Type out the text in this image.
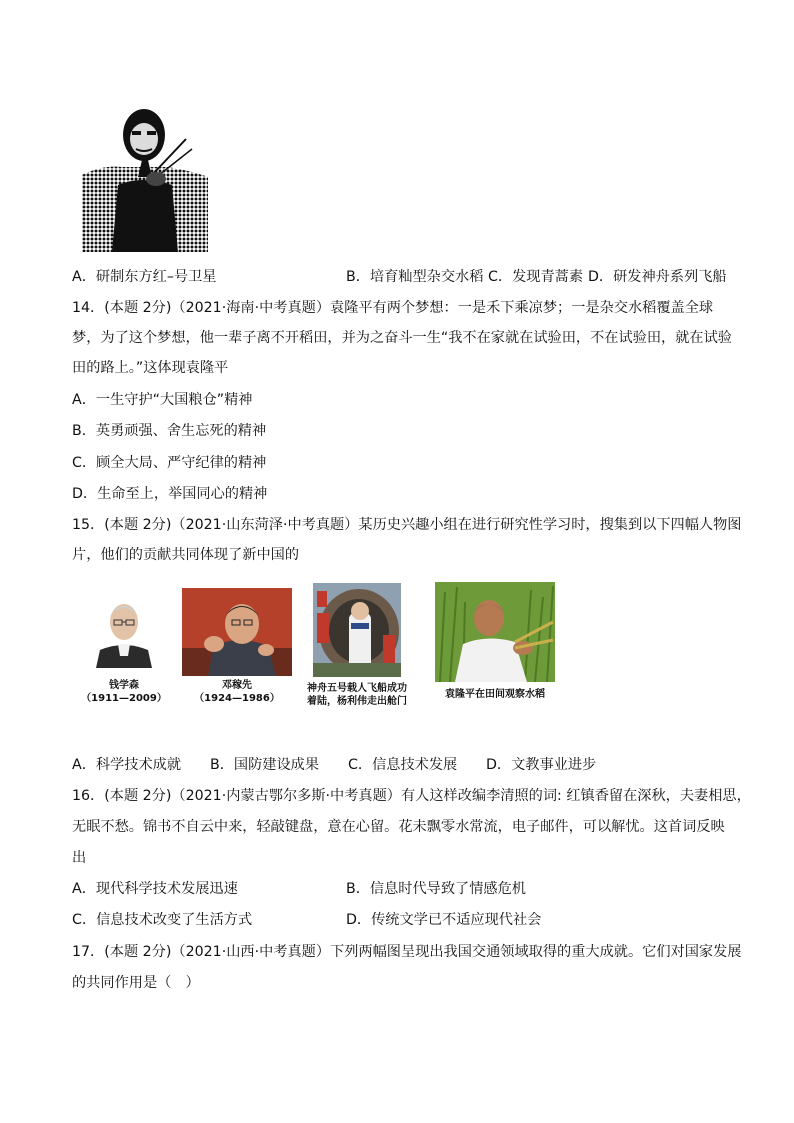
A．研制东方红–号卫星	B．培育籼型杂交水稻 C．发现青蒿素 D．研发神舟系列飞船
14．(本题 2分)（2021·海南·中考真题）袁隆平有两个梦想：一是禾下乘凉梦；一是杂交水稻覆盖全球
梦，为了这个梦想，他一辈子离不开稻田，并为之奋斗一生“我不在家就在试验田，不在试验田，就在试验
田的路上。”这体现袁隆平
A．一生守护“大国粮仓”精神
B．英勇顽强、舍生忘死的精神
C．顾全大局、严守纪律的精神
D．生命至上，举国同心的精神
15．(本题 2分)（2021·山东菏泽·中考真题）某历史兴趣小组在进行研究性学习时，搜集到以下四幅人物图
片，他们的贡献共同体现了新中国的
钱学森
（1911—2009）
邓稼先
（1924—1986）
神舟五号载人飞船成功
着陆，杨利伟走出舱门
袁隆平在田间观察水稻
A．科学技术成就 B．国防建设成果 C．信息技术发展 D．文教事业进步
16．(本题 2分)（2021·内蒙古鄂尔多斯·中考真题）有人这样改编李清照的词: 红镇香留在深秋，夫妻相思，
无眠不愁。锦书不自云中来，轻敲键盘，意在心留。花未飘零水常流，电子邮件，可以解忧。这首词反映
出
A．现代科学技术发展迅速	B．信息时代导致了情感危机
C．信息技术改变了生活方式	D．传统文学已不适应现代社会
17．(本题 2分)（2021·山西·中考真题）下列两幅图呈现出我国交通领域取得的重大成就。它们对国家发展
的共同作用是（　）
